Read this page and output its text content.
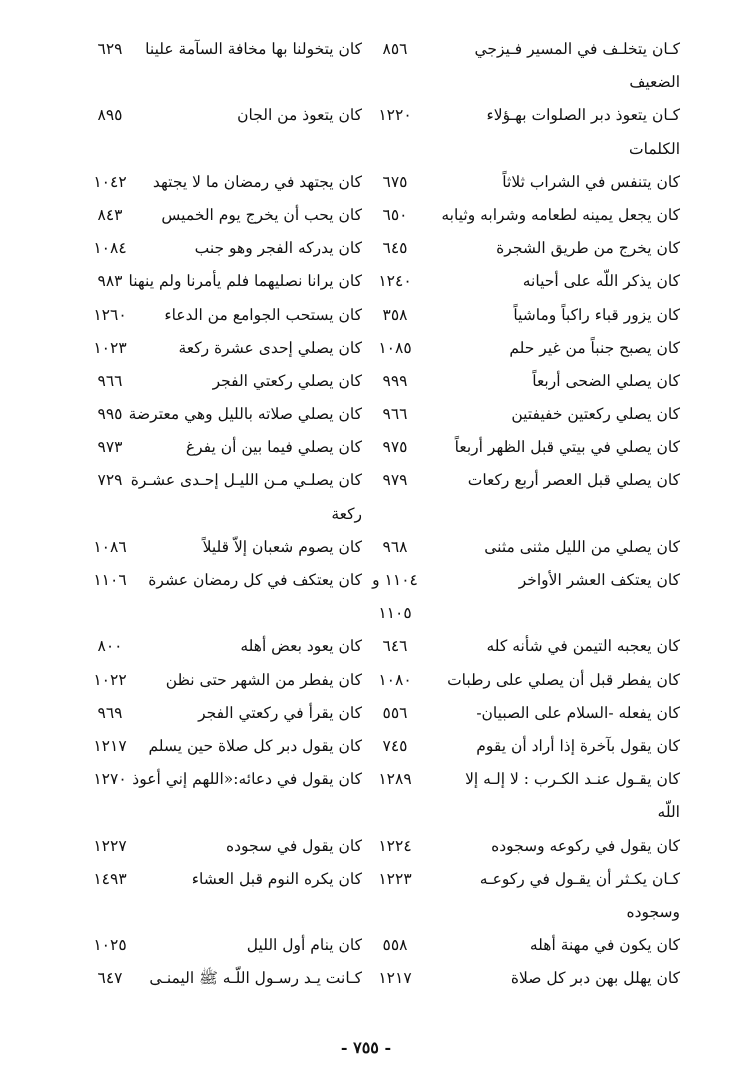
كـان يتخلـف في المسير فـيزجي
٨٥٦
كان يتخولنا بها مخافة السآمة علينا
٦٢٩
الضعيف
كـان يتعوذ دبر الصلوات بهـؤلاء
١٢٢٠
كان يتعوذ من الجان
٨٩٥
الكلمات
كان يتنفس في الشراب ثلاثاً
٦٧٥
كان يجتهد في رمضان ما لا يجتهد
١٠٤٢
كان يجعل يمينه لطعامه وشرابه وثيابه
٦٥٠
كان يحب أن يخرج يوم الخميس
٨٤٣
كان يخرج من طريق الشجرة
٦٤٥
كان يدركه الفجر وهو جنب
١٠٨٤
كان يذكر اللّه على أحيانه
١٢٤٠
كان يرانا نصليهما فلم يأمرنا ولم ينهنا
٩٨٣
كان يزور قباء راكباً وماشياً
٣٥٨
كان يستحب الجوامع من الدعاء
١٢٦٠
كان يصبح جنباً من غير حلم
١٠٨٥
كان يصلي إحدى عشرة ركعة
١٠٢٣
كان يصلي الضحى أربعاً
٩٩٩
كان يصلي ركعتي الفجر
٩٦٦
كان يصلي ركعتين خفيفتين
٩٦٦
كان يصلي صلاته بالليل وهي معترضة
٩٩٥
كان يصلي في بيتي قبل الظهر أربعاً
٩٧٥
كان يصلي فيما بين أن يفرغ
٩٧٣
كان يصلي قبل العصر أربع ركعات
٩٧٩
كان يصلـي مـن الليـل إحـدى عشـرة
٧٢٩
ركعة
كان يصلي من الليل مثنى مثنى
٩٦٨
كان يصوم شعبان إلاّ قليلاً
١٠٨٦
كان يعتكف العشر الأواخر
١١٠٤ و
كان يعتكف في كل رمضان عشرة
١١٠٦
١١٠٥
كان يعجبه التيمن في شأنه كله
٦٤٦
كان يعود بعض أهله
٨٠٠
كان يفطر قبل أن يصلي على رطبات
١٠٨٠
كان يفطر من الشهر حتى نظن
١٠٢٢
كان يفعله -السلام على الصبيان-
٥٥٦
كان يقرأ في ركعتي الفجر
٩٦٩
كان يقول بآخرة إذا أراد أن يقوم
٧٤٥
كان يقول دبر كل صلاة حين يسلم
١٢١٧
كان يقـول عنـد الكـرب : لا إلـه إلا
١٢٨٩
كان يقول في دعائه:«اللهم إني أعوذ
١٢٧٠
اللّه
كان يقول في ركوعه وسجوده
١٢٢٤
كان يقول في سجوده
١٢٢٧
كـان يكـثر أن يقـول في ركوعـه
١٢٢٣
كان يكره النوم قبل العشاء
١٤٩٣
وسجوده
كان يكون في مهنة أهله
٥٥٨
كان ينام أول الليل
١٠٢٥
كان يهلل بهن دبر كل صلاة
١٢١٧
كـانت يـد رسـول اللّـه ﷺ اليمنـى
٦٤٧
- ٧٥٥ -
